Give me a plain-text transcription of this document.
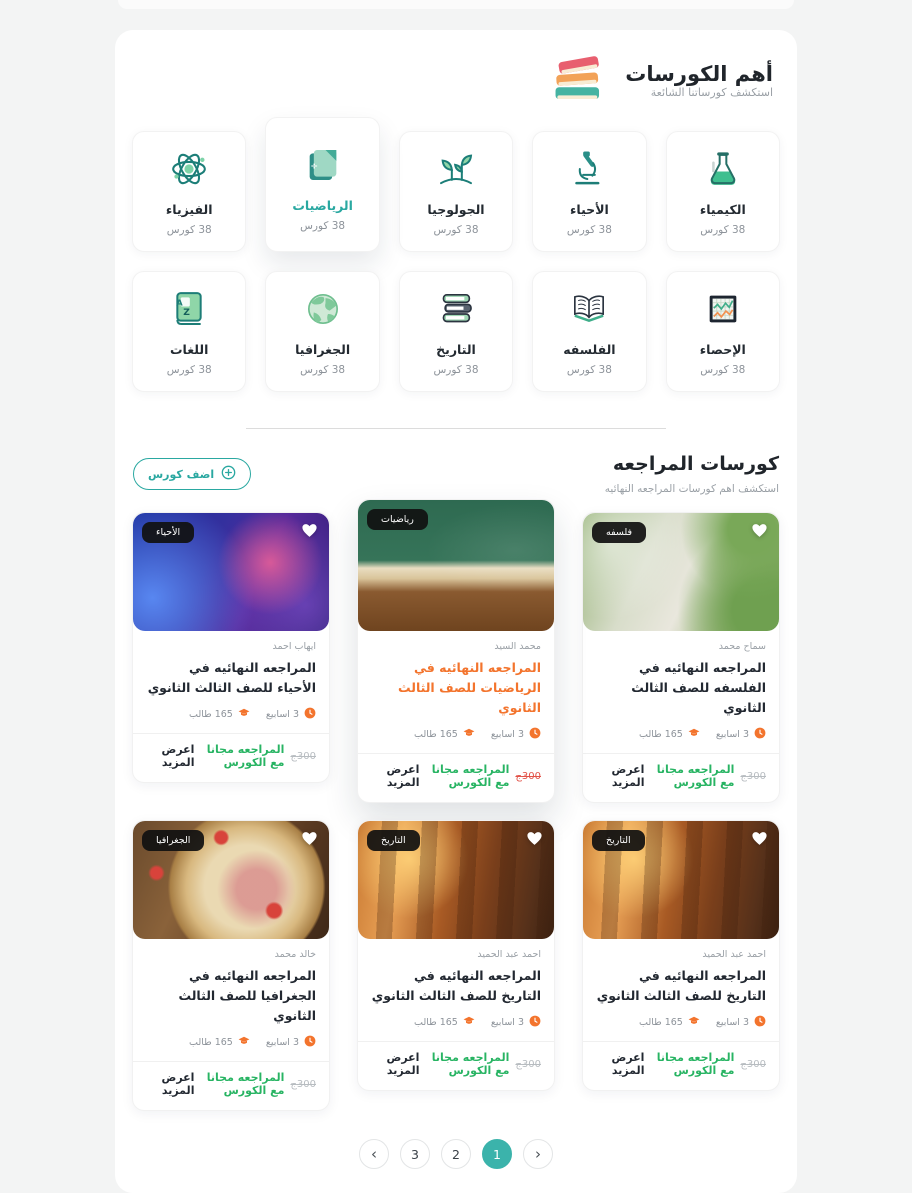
أهم الكورسات
استكشف كورساتنا الشائعة
الكيمياء
38 كورس
الأحياء
38 كورس
الجولوجيا
38 كورس
÷×
الرياضيات
38 كورس
الفيزياء
38 كورس
الإحصاء
38 كورس
الفلسفه
38 كورس
التاريخ
38 كورس
الجغرافيا
38 كورس
A
Z
اللغات
38 كورس
كورسات المراجعه
استكشف اهم كورسات المراجعه النهائيه
اضف كورس
فلسفه
سماح محمد
المراجعه النهائيه في الفلسفه للصف الثالث الثانوي
3 اسابيع
165 طالب
300ج
المراجعه مجانا مع الكورس
اعرض المزيد
رياضيات
محمد السيد
المراجعه النهائيه في الرياضيات للصف الثالث الثانوي
3 اسابيع
165 طالب
300ج
المراجعه مجانا مع الكورس
اعرض المزيد
الأحياء
ايهاب احمد
المراجعه النهائيه في الأحياء للصف الثالث الثانوي
3 اسابيع
165 طالب
300ج
المراجعه مجانا مع الكورس
اعرض المزيد
التاريخ
احمد عبد الحميد
المراجعه النهائيه في التاريخ للصف الثالث الثانوي
3 اسابيع
165 طالب
300ج
المراجعه مجانا مع الكورس
اعرض المزيد
التاريخ
احمد عبد الحميد
المراجعه النهائيه في التاريخ للصف الثالث الثانوي
3 اسابيع
165 طالب
300ج
المراجعه مجانا مع الكورس
اعرض المزيد
الجغرافيا
خالد محمد
المراجعه النهائيه في الجغرافيا للصف الثالث الثانوي
3 اسابيع
165 طالب
300ج
المراجعه مجانا مع الكورس
اعرض المزيد
‹	3	2	1	›
